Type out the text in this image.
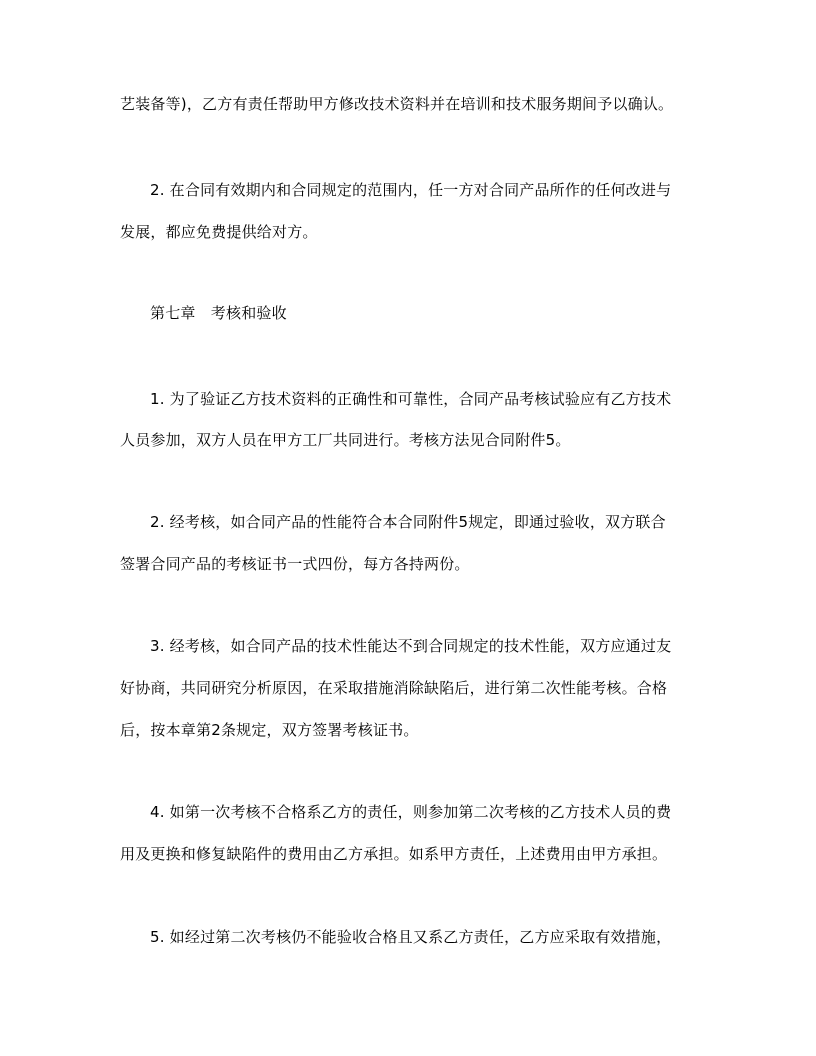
艺装备等)，乙方有责任帮助甲方修改技术资料并在培训和技术服务期间予以确认。
2. 在合同有效期内和合同规定的范围内，任一方对合同产品所作的任何改进与
发展，都应免费提供给对方。
第七章　考核和验收
1. 为了验证乙方技术资料的正确性和可靠性，合同产品考核试验应有乙方技术
人员参加，双方人员在甲方工厂共同进行。考核方法见合同附件5。
2. 经考核，如合同产品的性能符合本合同附件5规定，即通过验收，双方联合
签署合同产品的考核证书一式四份，每方各持两份。
3. 经考核，如合同产品的技术性能达不到合同规定的技术性能，双方应通过友
好协商，共同研究分析原因，在采取措施消除缺陷后，进行第二次性能考核。合格
后，按本章第2条规定，双方签署考核证书。
4. 如第一次考核不合格系乙方的责任，则参加第二次考核的乙方技术人员的费
用及更换和修复缺陷件的费用由乙方承担。如系甲方责任，上述费用由甲方承担。
5. 如经过第二次考核仍不能验收合格且又系乙方责任，乙方应采取有效措施，
